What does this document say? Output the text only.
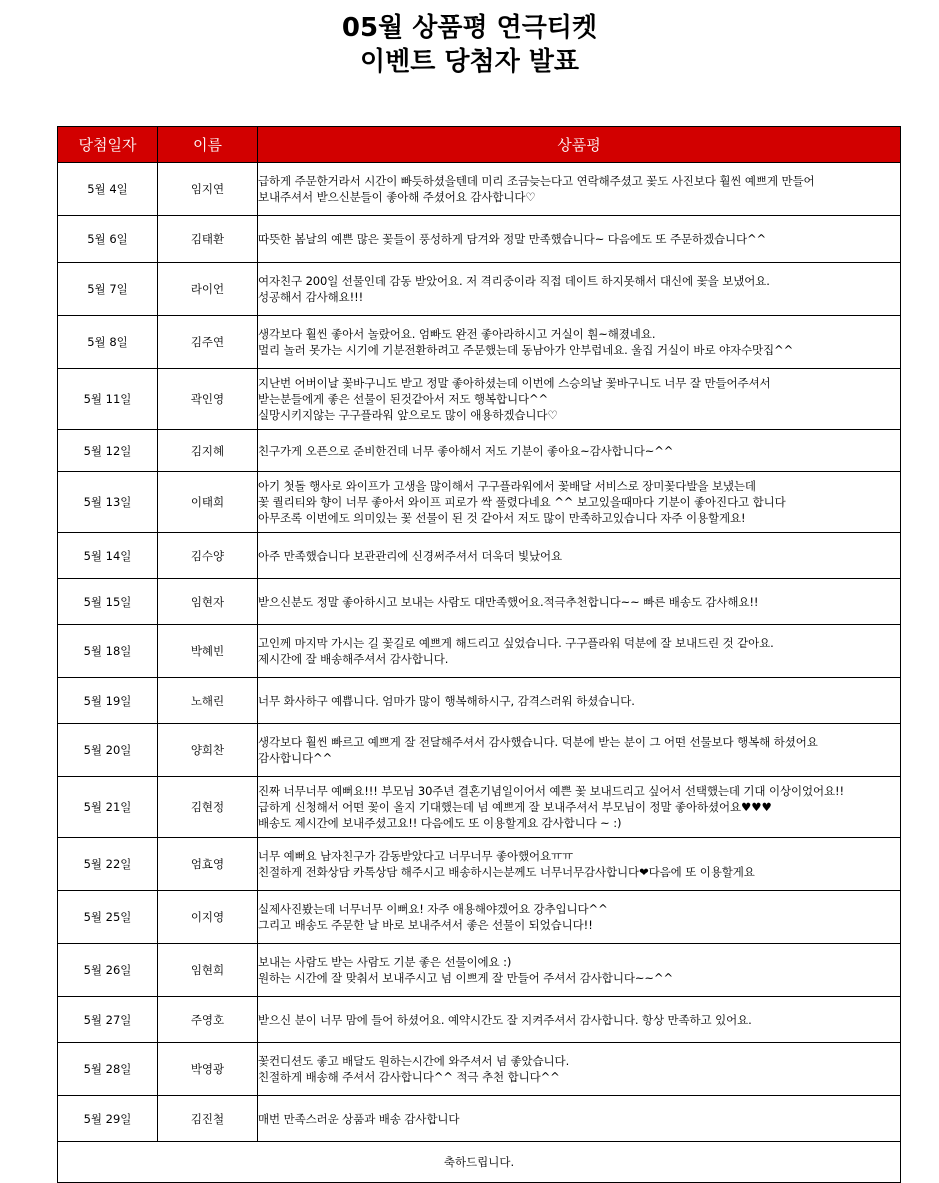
05월 상품평 연극티켓
이벤트 당첨자 발표
당첨일자	이름	상품평
5월 4일	임지연	급하게 주문한거라서 시간이 빠듯하셨을텐데 미리 조금늦는다고 연락해주셨고 꽃도 사진보다 훨씬 예쁘게 만들어
보내주셔서 받으신분들이 좋아해 주셨어요 감사합니다♡
5월 6일	김태환	따뜻한 봄날의 예쁜 많은 꽃들이 풍성하게 담겨와 정말 만족했습니다~ 다음에도 또 주문하겠습니다^^
5월 7일	라이언	여자친구 200일 선물인데 감동 받았어요. 저 격리중이라 직접 데이트 하지못해서 대신에 꽃을 보냈어요.
성공해서 감사해요!!!
5월 8일	김주연	생각보다 훨씬 좋아서 놀랐어요. 엄빠도 완전 좋아라하시고 거실이 훤~해졌네요.
멀리 놀러 못가는 시기에 기분전환하려고 주문했는데 동남아가 안부럽네요. 울집 거실이 바로 야자수맛집^^
5월 11일	곽인영	지난번 어버이날 꽃바구니도 받고 정말 좋아하셨는데 이번에 스승의날 꽃바구니도 너무 잘 만들어주셔서
받는분들에게 좋은 선물이 된것같아서 저도 행복합니다^^
실망시키지않는 구구플라워 앞으로도 많이 애용하겠습니다♡
5월 12일	김지혜	친구가게 오픈으로 준비한건데 너무 좋아해서 저도 기분이 좋아요~감사합니다~^^
5월 13일	이태희	아기 첫돌 행사로 와이프가 고생을 많이해서 구구플라워에서 꽃배달 서비스로 장미꽃다발을 보냈는데
꽃 퀄리티와 향이 너무 좋아서 와이프 피로가 싹 풀렸다네요 ^^ 보고있을때마다 기분이 좋아진다고 합니다
아무조록 이번에도 의미있는 꽃 선물이 된 것 같아서 저도 많이 만족하고있습니다 자주 이용할게요!
5월 14일	김수양	아주 만족했습니다 보관관리에 신경써주셔서 더욱더 빛났어요
5월 15일	임현자	받으신분도 정말 좋아하시고 보내는 사람도 대만족했어요.적극추천합니다~~ 빠른 배송도 감사해요!!
5월 18일	박혜빈	고인께 마지막 가시는 길 꽃길로 예쁘게 해드리고 싶었습니다. 구구플라워 덕분에 잘 보내드린 것 같아요.
제시간에 잘 배송해주셔서 감사합니다.
5월 19일	노해린	너무 화사하구 예쁩니다. 엄마가 많이 행복해하시구, 감격스러워 하셨습니다.
5월 20일	양희찬	생각보다 훨씬 빠르고 예쁘게 잘 전달해주셔서 감사했습니다. 덕분에 받는 분이 그 어떤 선물보다 행복해 하셨어요
감사합니다^^
5월 21일	김현정	진짜 너무너무 예뻐요!!! 부모님 30주년 결혼기념일이어서 예쁜 꽃 보내드리고 싶어서 선택했는데 기대 이상이었어요!!
급하게 신청해서 어떤 꽃이 올지 기대했는데 넘 예쁘게 잘 보내주셔서 부모님이 정말 좋아하셨어요♥♥♥
배송도 제시간에 보내주셨고요!! 다음에도 또 이용할게요 감사합니다 ~ :)
5월 22일	엄효영	너무 예뻐요 남자친구가 감동받았다고 너무너무 좋아했어요ㅠㅠ
친절하게 전화상담 카톡상담 해주시고 배송하시는분께도 너무너무감사합니다❤다음에 또 이용할게요
5월 25일	이지영	실제사진봤는데 너무너무 이뻐요! 자주 애용해야겠어요 강추입니다^^
그리고 배송도 주문한 날 바로 보내주셔서 좋은 선물이 되었습니다!!
5월 26일	임현희	보내는 사람도 받는 사람도 기분 좋은 선물이에요 :)
원하는 시간에 잘 맞춰서 보내주시고 넘 이쁘게 잘 만들어 주셔서 감사합니다~~^^
5월 27일	주영호	받으신 분이 너무 맘에 들어 하셨어요. 예약시간도 잘 지켜주셔서 감사합니다. 항상 만족하고 있어요.
5월 28일	박영광	꽃컨디션도 좋고 배달도 원하는시간에 와주셔서 넘 좋았습니다.
친절하게 배송해 주셔서 감사합니다^^ 적극 추천 합니다^^
5월 29일	김진철	매번 만족스러운 상품과 배송 감사합니다
축하드립니다.		
